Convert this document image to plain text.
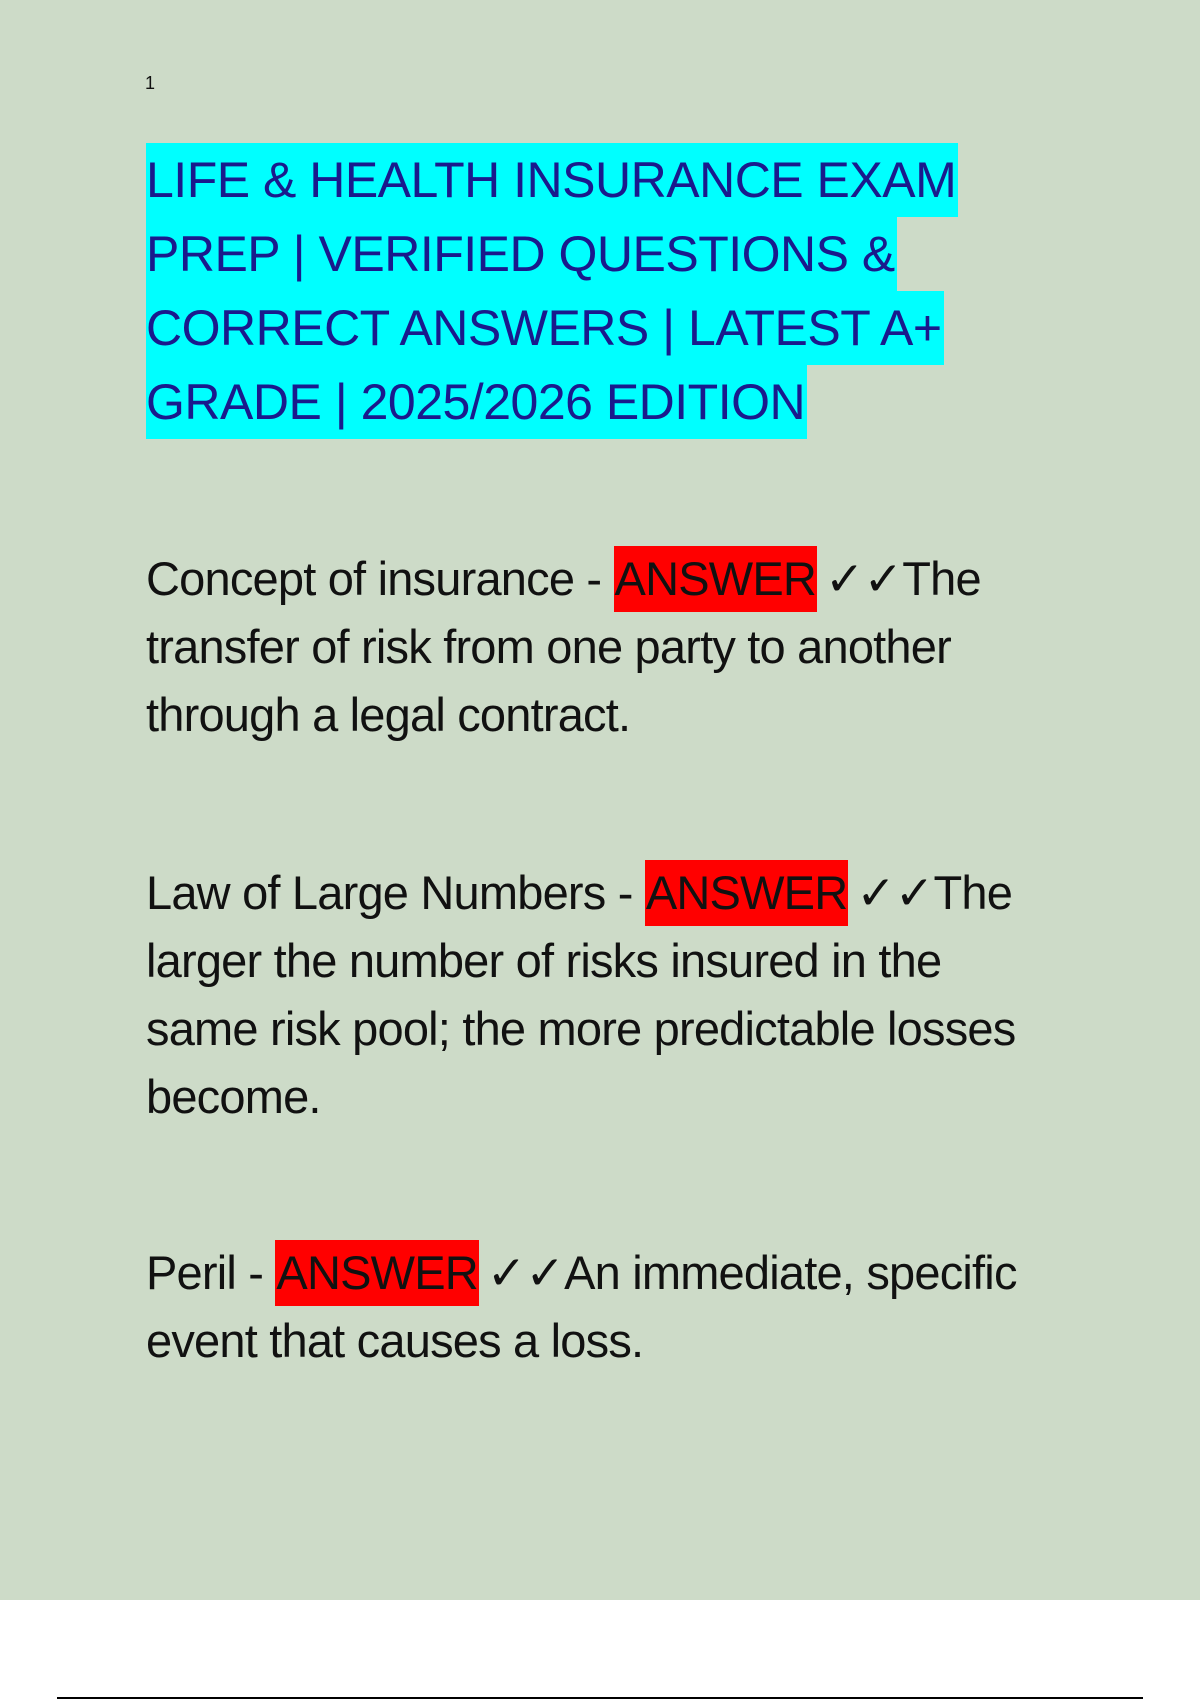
1
LIFE & HEALTH INSURANCE EXAM
PREP | VERIFIED QUESTIONS &
CORRECT ANSWERS | LATEST A+
GRADE | 2025/2026 EDITION
Concept of insurance - ANSWER ✓✓The
transfer of risk from one party to another
through a legal contract.
Law of Large Numbers - ANSWER ✓✓The
larger the number of risks insured in the
same risk pool; the more predictable losses
become.
Peril - ANSWER ✓✓An immediate, specific
event that causes a loss.
